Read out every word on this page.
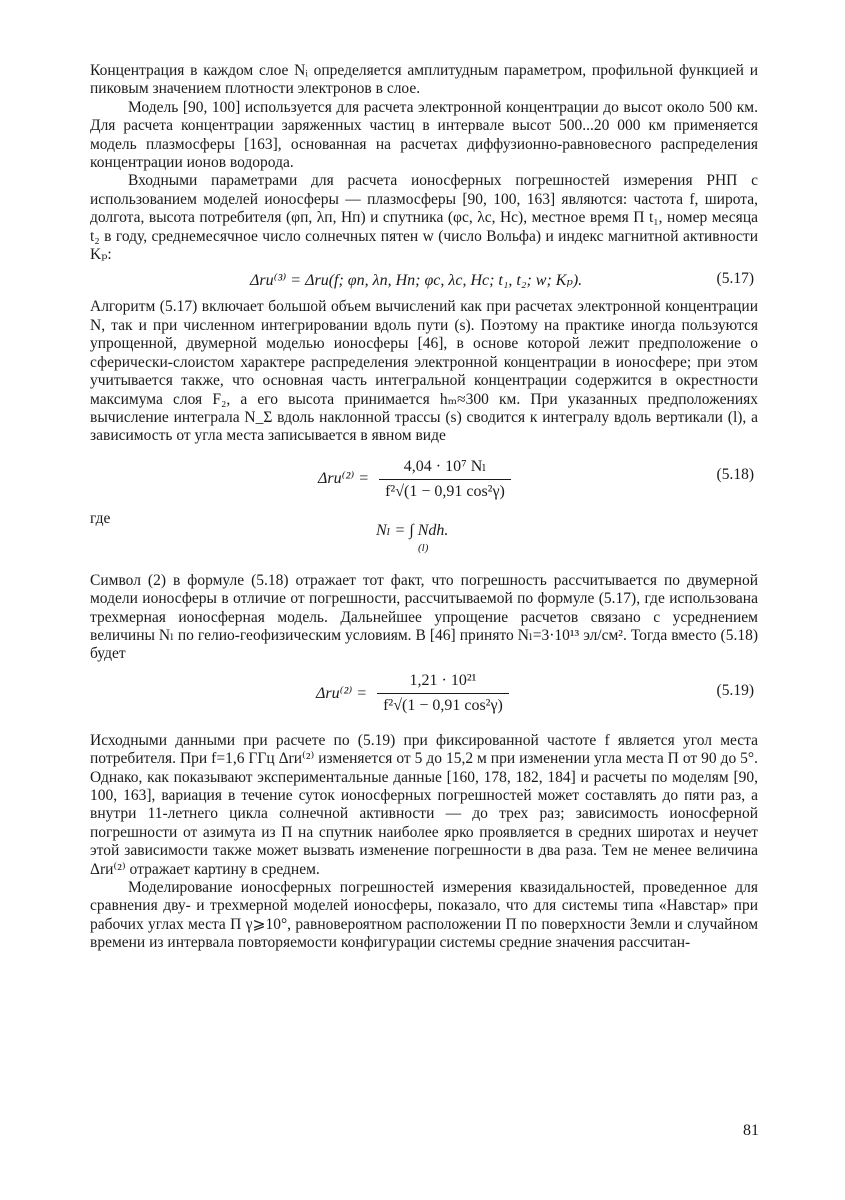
Концентрация в каждом слое Nᵢ определяется амплитудным параметром, профильной функцией и пиковым значением плотности электронов в слое.

Модель [90, 100] используется для расчета электронной концентрации до высот около 500 км. Для расчета концентрации заряженных частиц в интервале высот 500...20 000 км применяется модель плазмосферы [163], основанная на расчетах диффузионно-равновесного распределения концентрации ионов водорода.

Входными параметрами для расчета ионосферных погрешностей измерения РНП с использованием моделей ионосферы — плазмосферы [90, 100, 163] являются: частота f, широта, долгота, высота потребителя (φп, λп, Hп) и спутника (φс, λс, Hс), местное время П t₁, номер месяца t₂ в году, среднемесячное число солнечных пятен w (число Вольфа) и индекс магнитной активности Kₚ:

Δrи⁽³⁾ = Δrи(f; φп, λп, Hп; φс, λс, Hс; t₁, t₂; w; Kₚ).	(5.17)

Алгоритм (5.17) включает большой объем вычислений как при расчетах электронной концентрации N, так и при численном интегрировании вдоль пути (s). Поэтому на практике иногда пользуются упрощенной, двумерной моделью ионосферы [46], в основе которой лежит предположение о сферически-слоистом характере распределения электронной концентрации в ионосфере; при этом учитывается также, что основная часть интегральной концентрации содержится в окрестности максимума слоя F₂, а его высота принимается hₘ≈300 км. При указанных предположениях вычисление интеграла N_Σ вдоль наклонной трассы (s) сводится к интегралу вдоль вертикали (l), а зависимость от угла места записывается в явном виде

$\Delta rи^{(2)} = \frac{\text{4,04 · 10⁷ Nₗ}}{\text{f²√(1 − 0,91 cos²γ)}}$	(5.18)
где
Nₗ = ∫ Ndh.
(l)

Символ (2) в формуле (5.18) отражает тот факт, что погрешность рассчитывается по двумерной модели ионосферы в отличие от погрешности, рассчитываемой по формуле (5.17), где использована трехмерная ионосферная модель. Дальнейшее упрощение расчетов связано с усреднением величины Nₗ по гелио-геофизическим условиям. В [46] принято Nₗ=3·10¹³ эл/см². Тогда вместо (5.18) будет

$\Delta rи^{(2)} = \frac{\text{1,21 · 10²¹}}{\text{f²√(1 − 0,91 cos²γ)}}$	(5.19)

Исходными данными при расчете по (5.19) при фиксированной частоте f является угол места потребителя. При f=1,6 ГГц Δrи⁽²⁾ изменяется от 5 до 15,2 м при изменении угла места П от 90 до 5°. Однако, как показывают экспериментальные данные [160, 178, 182, 184] и расчеты по моделям [90, 100, 163], вариация в течение суток ионосферных погрешностей может составлять до пяти раз, а внутри 11-летнего цикла солнечной активности — до трех раз; зависимость ионосферной погрешности от азимута из П на спутник наиболее ярко проявляется в средних широтах и неучет этой зависимости также может вызвать изменение погрешности в два раза. Тем не менее величина Δrи⁽²⁾ отражает картину в среднем.

Моделирование ионосферных погрешностей измерения квазидальностей, проведенное для сравнения дву- и трехмерной моделей ионосферы, показало, что для системы типа «Навстар» при рабочих углах места П γ⩾10°, равновероятном расположении П по поверхности Земли и случайном времени из интервала повторяемости конфигурации системы средние значения рассчитан-

81
